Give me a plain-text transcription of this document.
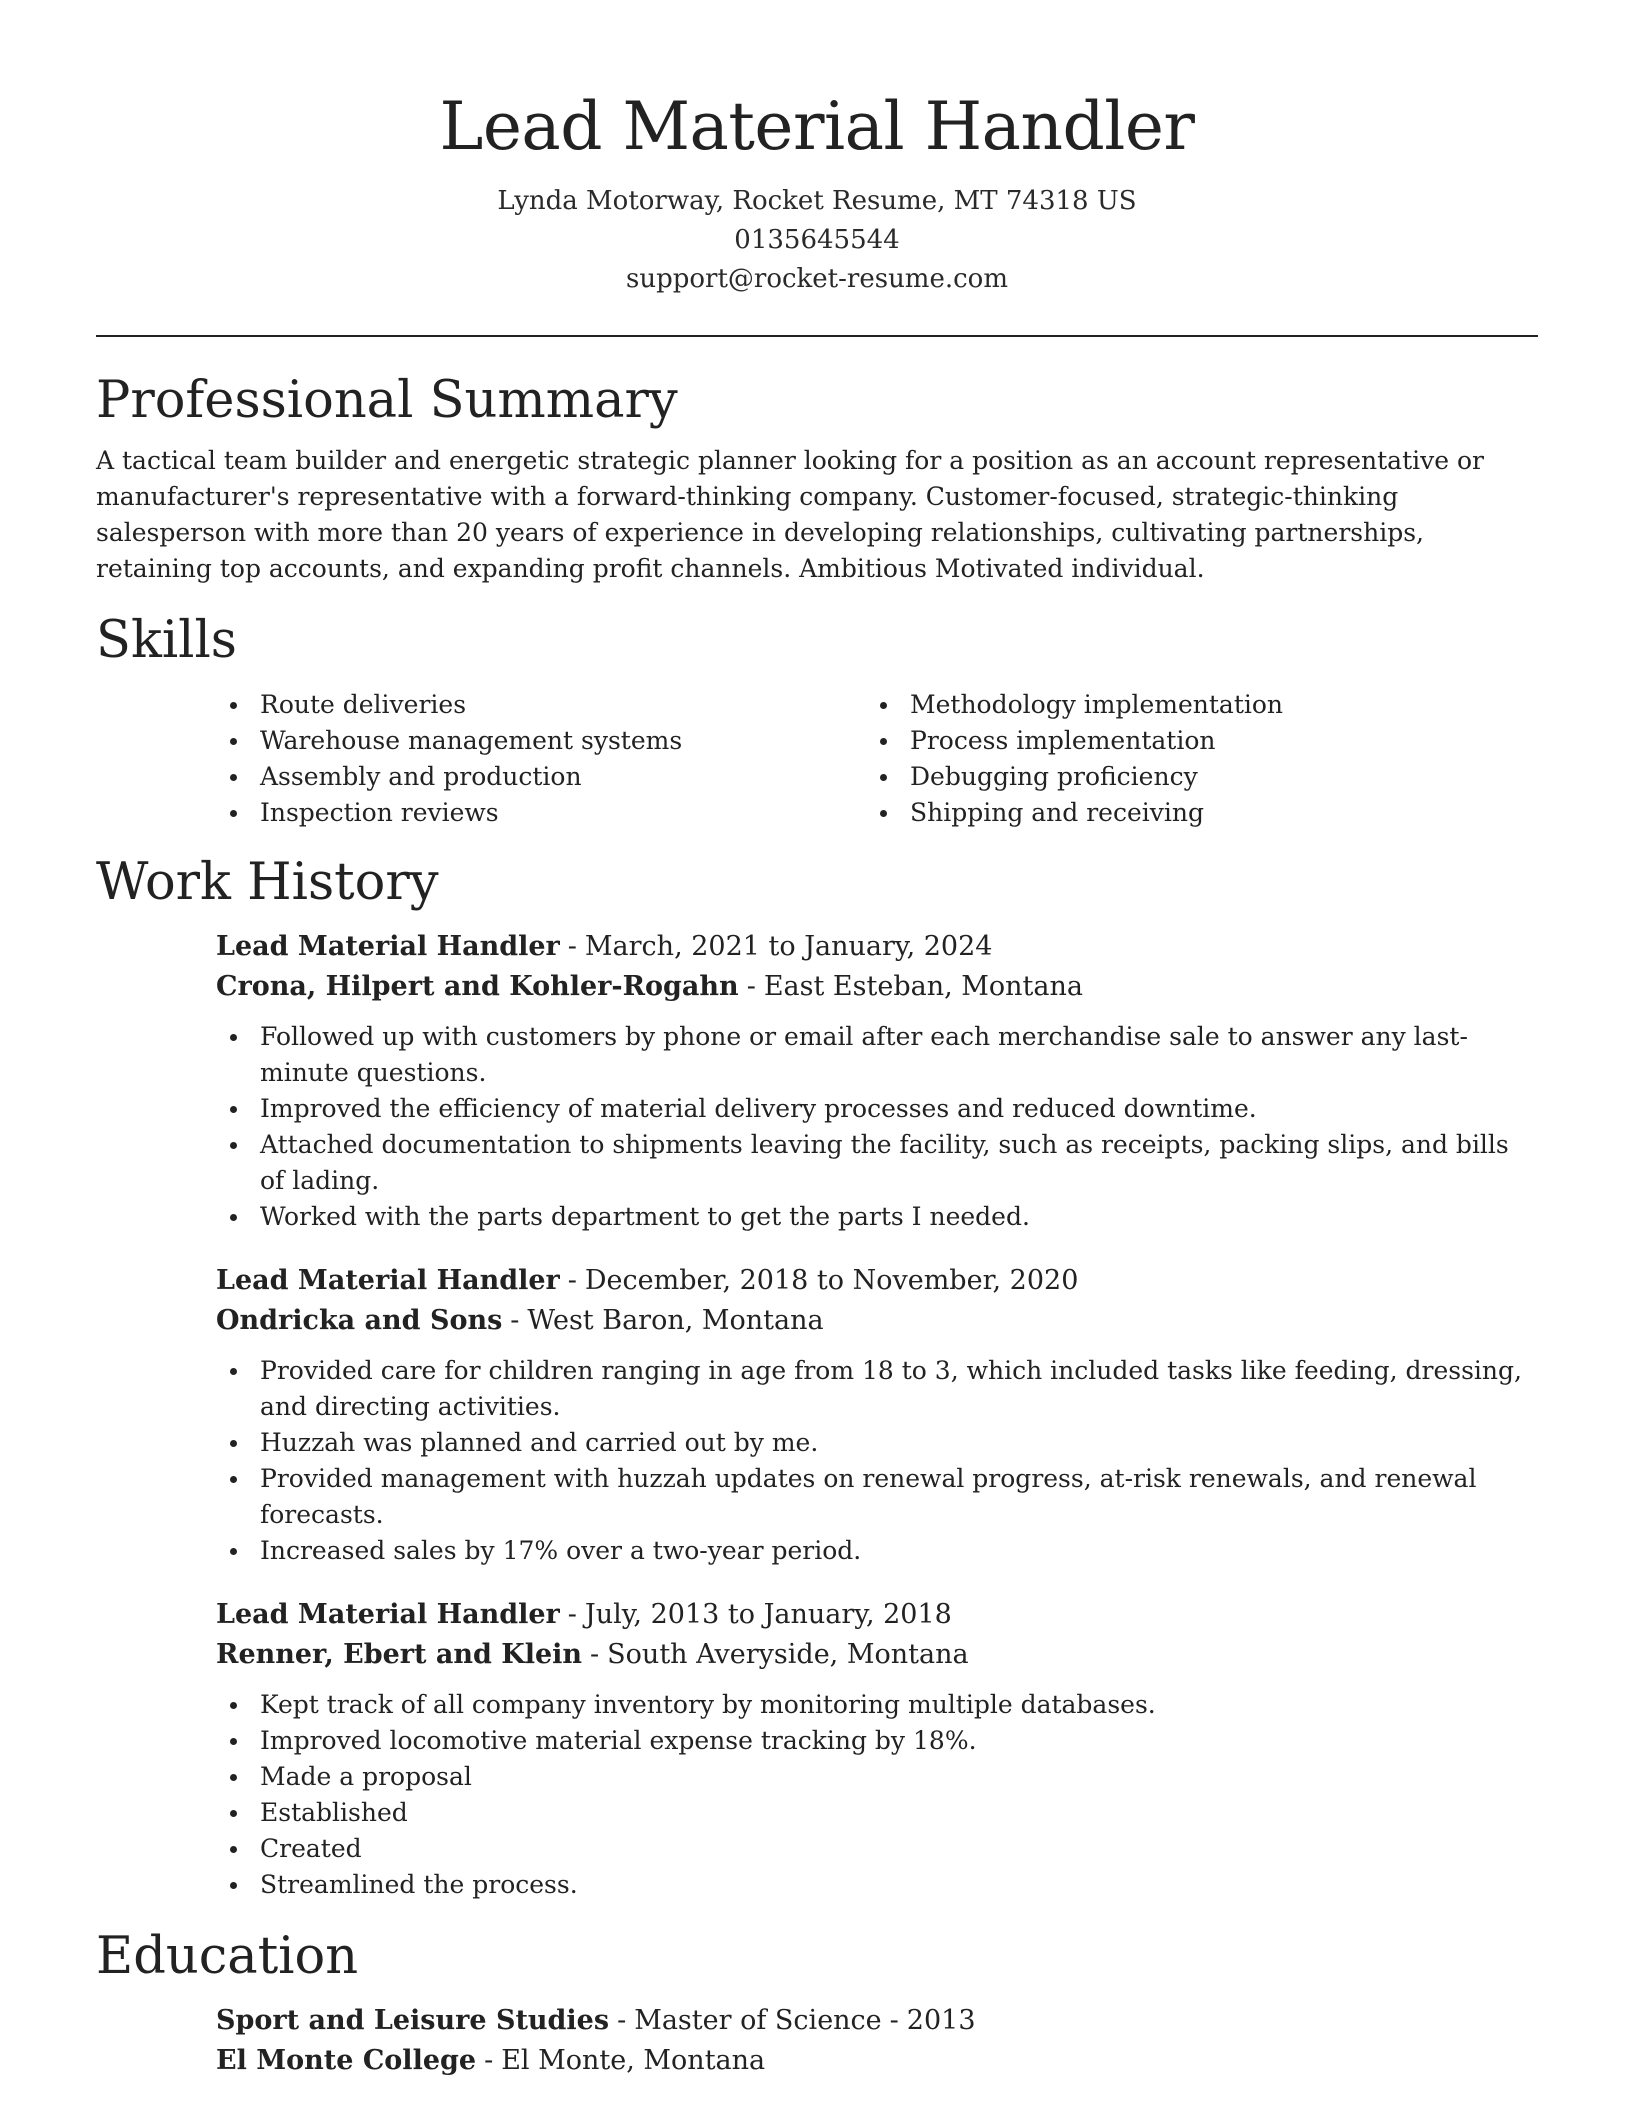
Lead Material Handler
Lynda Motorway, Rocket Resume, MT 74318 US
0135645544
support@rocket-resume.com
Professional Summary

A tactical team builder and energetic strategic planner looking for a position as an account representative or manufacturer's representative with a forward-thinking company. Customer-focused, strategic-thinking salesperson with more than 20 years of experience in developing relationships, cultivating partnerships, retaining top accounts, and expanding profit channels. Ambitious Motivated individual.

Skills
Route deliveries
Warehouse management systems
Assembly and production
Inspection reviews
Methodology implementation
Process implementation
Debugging proficiency
Shipping and receiving
Work History
Lead Material Handler - March, 2021 to January, 2024
Crona, Hilpert and Kohler-Rogahn - East Esteban, Montana
Followed up with customers by phone or email after each merchandise sale to answer any last-minute questions.
Improved the efficiency of material delivery processes and reduced downtime.
Attached documentation to shipments leaving the facility, such as receipts, packing slips, and bills of lading.
Worked with the parts department to get the parts I needed.
Lead Material Handler - December, 2018 to November, 2020
Ondricka and Sons - West Baron, Montana
Provided care for children ranging in age from 18 to 3, which included tasks like feeding, dressing, and directing activities.
Huzzah was planned and carried out by me.
Provided management with huzzah updates on renewal progress, at-risk renewals, and renewal forecasts.
Increased sales by 17% over a two-year period.
Lead Material Handler - July, 2013 to January, 2018
Renner, Ebert and Klein - South Averyside, Montana
Kept track of all company inventory by monitoring multiple databases.
Improved locomotive material expense tracking by 18%.
Made a proposal
Established
Created
Streamlined the process.
Education
Sport and Leisure Studies - Master of Science - 2013
El Monte College - El Monte, Montana
